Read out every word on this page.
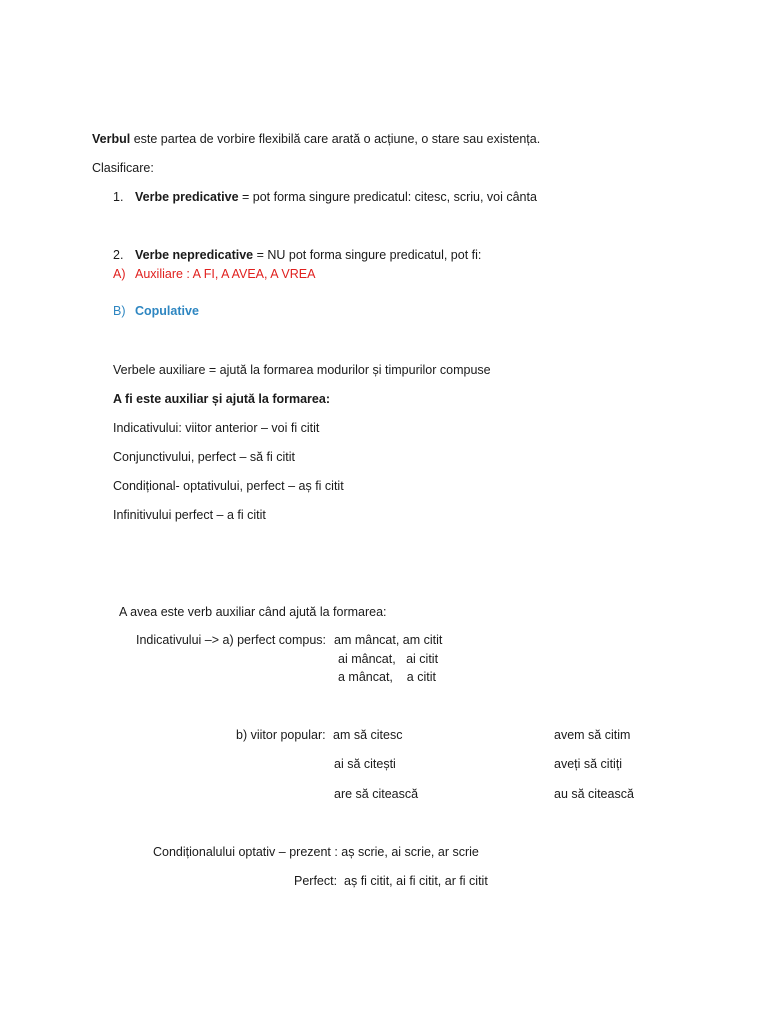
Verbul este partea de vorbire flexibilă care arată o acțiune, o stare sau existența.
Clasificare:
1. Verbe predicative = pot forma singure predicatul: citesc, scriu, voi cânta
2. Verbe nepredicative = NU pot forma singure predicatul, pot fi:
A) Auxiliare : A FI, A AVEA, A VREA
B) Copulative
Verbele auxiliare = ajută la formarea modurilor și timpurilor compuse
A fi este auxiliar și ajută la formarea:
Indicativului: viitor anterior – voi fi citit
Conjunctivului, perfect – să fi citit
Condițional- optativului, perfect – aș fi citit
Infinitivului perfect – a fi citit
A avea este verb auxiliar când ajută la formarea:
Indicativului –> a) perfect compus: am mâncat, am citit
ai mâncat,   ai citit
a mâncat,    a citit
b) viitor popular: am să citesc
ai să citești
are să citească
avem să citim
aveți să citiți
au să citească
Condiționalului optativ – prezent : aș scrie, ai scrie, ar scrie
Perfect: aș fi citit, ai fi citit, ar fi citit
